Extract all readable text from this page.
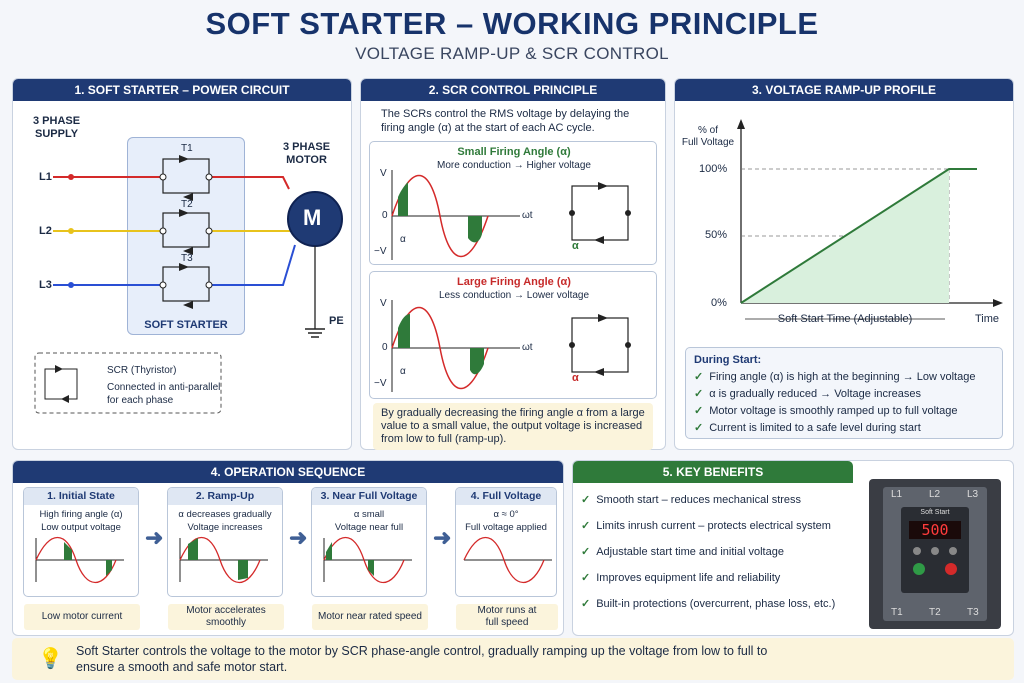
SOFT STARTER – WORKING PRINCIPLE
VOLTAGE RAMP-UP & SCR CONTROL
1. SOFT STARTER – POWER CIRCUIT
3 PHASE
SUPPLY
3 PHASE
MOTOR
PE
L1
L2
L3
SOFT STARTER
T1
T2
T3
M
SCR (Thyristor)
Connected in anti-parallel
for each phase
2. SCR CONTROL PRINCIPLE
The SCRs control the RMS voltage by delaying the firing angle (α) at the start of each AC cycle.
Small Firing Angle (α)
More conduction → Higher voltage
V
0
−V
ωt
α
α
Large Firing Angle (α)
Less conduction → Lower voltage
V
0
−V
ωt
α
α
By gradually decreasing the firing angle α from a large value to a small value, the output voltage is increased from low to full (ramp-up).
3. VOLTAGE RAMP-UP PROFILE
% of
Full Voltage
100%
50%
0%
Time
Soft Start Time (Adjustable)
During Start:
✓ Firing angle (α) is high at the beginning → Low voltage
✓ α is gradually reduced → Voltage increases
✓ Motor voltage is smoothly ramped up to full voltage
✓ Current is limited to a safe level during start
4. OPERATION SEQUENCE
1. Initial State
High firing angle (α)
Low output voltage
Low motor current
➜
2. Ramp-Up
α decreases gradually
Voltage increases
Motor accelerates
smoothly
➜
3. Near Full Voltage
α small
Voltage near full
Motor near rated speed
➜
4. Full Voltage
α ≈ 0°
Full voltage applied
Motor runs at
full speed
5. KEY BENEFITS
✓ Smooth start – reduces mechanical stress
✓ Limits inrush current – protects electrical system
✓ Adjustable start time and initial voltage
✓ Improves equipment life and reliability
✓ Built-in protections (overcurrent, phase loss, etc.)
L1	L2	L3
Soft Start
500
T1	T2	T3
💡 Soft Starter controls the voltage to the motor by SCR phase-angle control, gradually ramping up the voltage from low to full to ensure a smooth and safe motor start.
